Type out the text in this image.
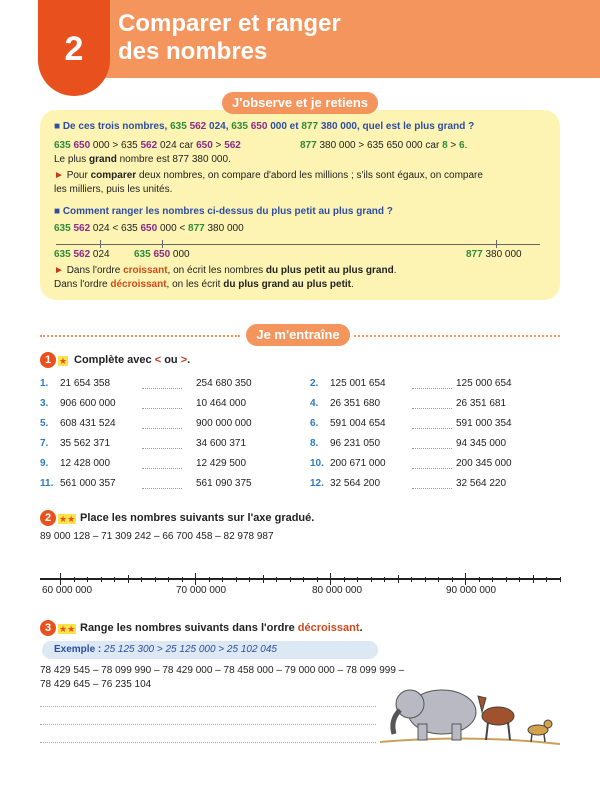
2
Comparer et ranger
des nombres
J'observe et je retiens
■ De ces trois nombres, 635 562 024, 635 650 000 et 877 380 000, quel est le plus grand ?
635 650 000 > 635 562 024 car 650 > 562	877 380 000 > 635 650 000 car 8 > 6.
Le plus grand nombre est 877 380 000.
► Pour comparer deux nombres, on compare d'abord les millions ; s'ils sont égaux, on compare
les milliers, puis les unités.
■ Comment ranger les nombres ci-dessus du plus petit au plus grand ?
635 562 024 < 635 650 000 < 877 380 000
635 562 024 635 650 000	877 380 000
► Dans l'ordre croissant, on écrit les nombres du plus petit au plus grand.
Dans l'ordre décroissant, on les écrit du plus grand au plus petit.
Je m'entraîne
1 ★ Complète avec < ou >.
1. 21 654 358	254 680 350	2. 125 001 654	125 000 654
3. 906 600 000	10 464 000	4. 26 351 680	26 351 681
5. 608 431 524	900 000 000	6. 591 004 654	591 000 354
7. 35 562 371	34 600 371	8. 96 231 050	94 345 000
9. 12 428 000	12 429 500	10. 200 671 000	200 345 000
11. 561 000 357	561 090 375	12. 32 564 200	32 564 220
2 ★★ Place les nombres suivants sur l'axe gradué.
89 000 128 – 71 309 242 – 66 700 458 – 82 978 987
60 000 000	70 000 000	80 000 000	90 000 000
3 ★★ Range les nombres suivants dans l'ordre décroissant.
Exemple : 25 125 300 > 25 125 000 > 25 102 045
78 429 545 – 78 099 990 – 78 429 000 – 78 458 000 – 79 000 000 – 78 099 999 –
78 429 645 – 76 235 104
